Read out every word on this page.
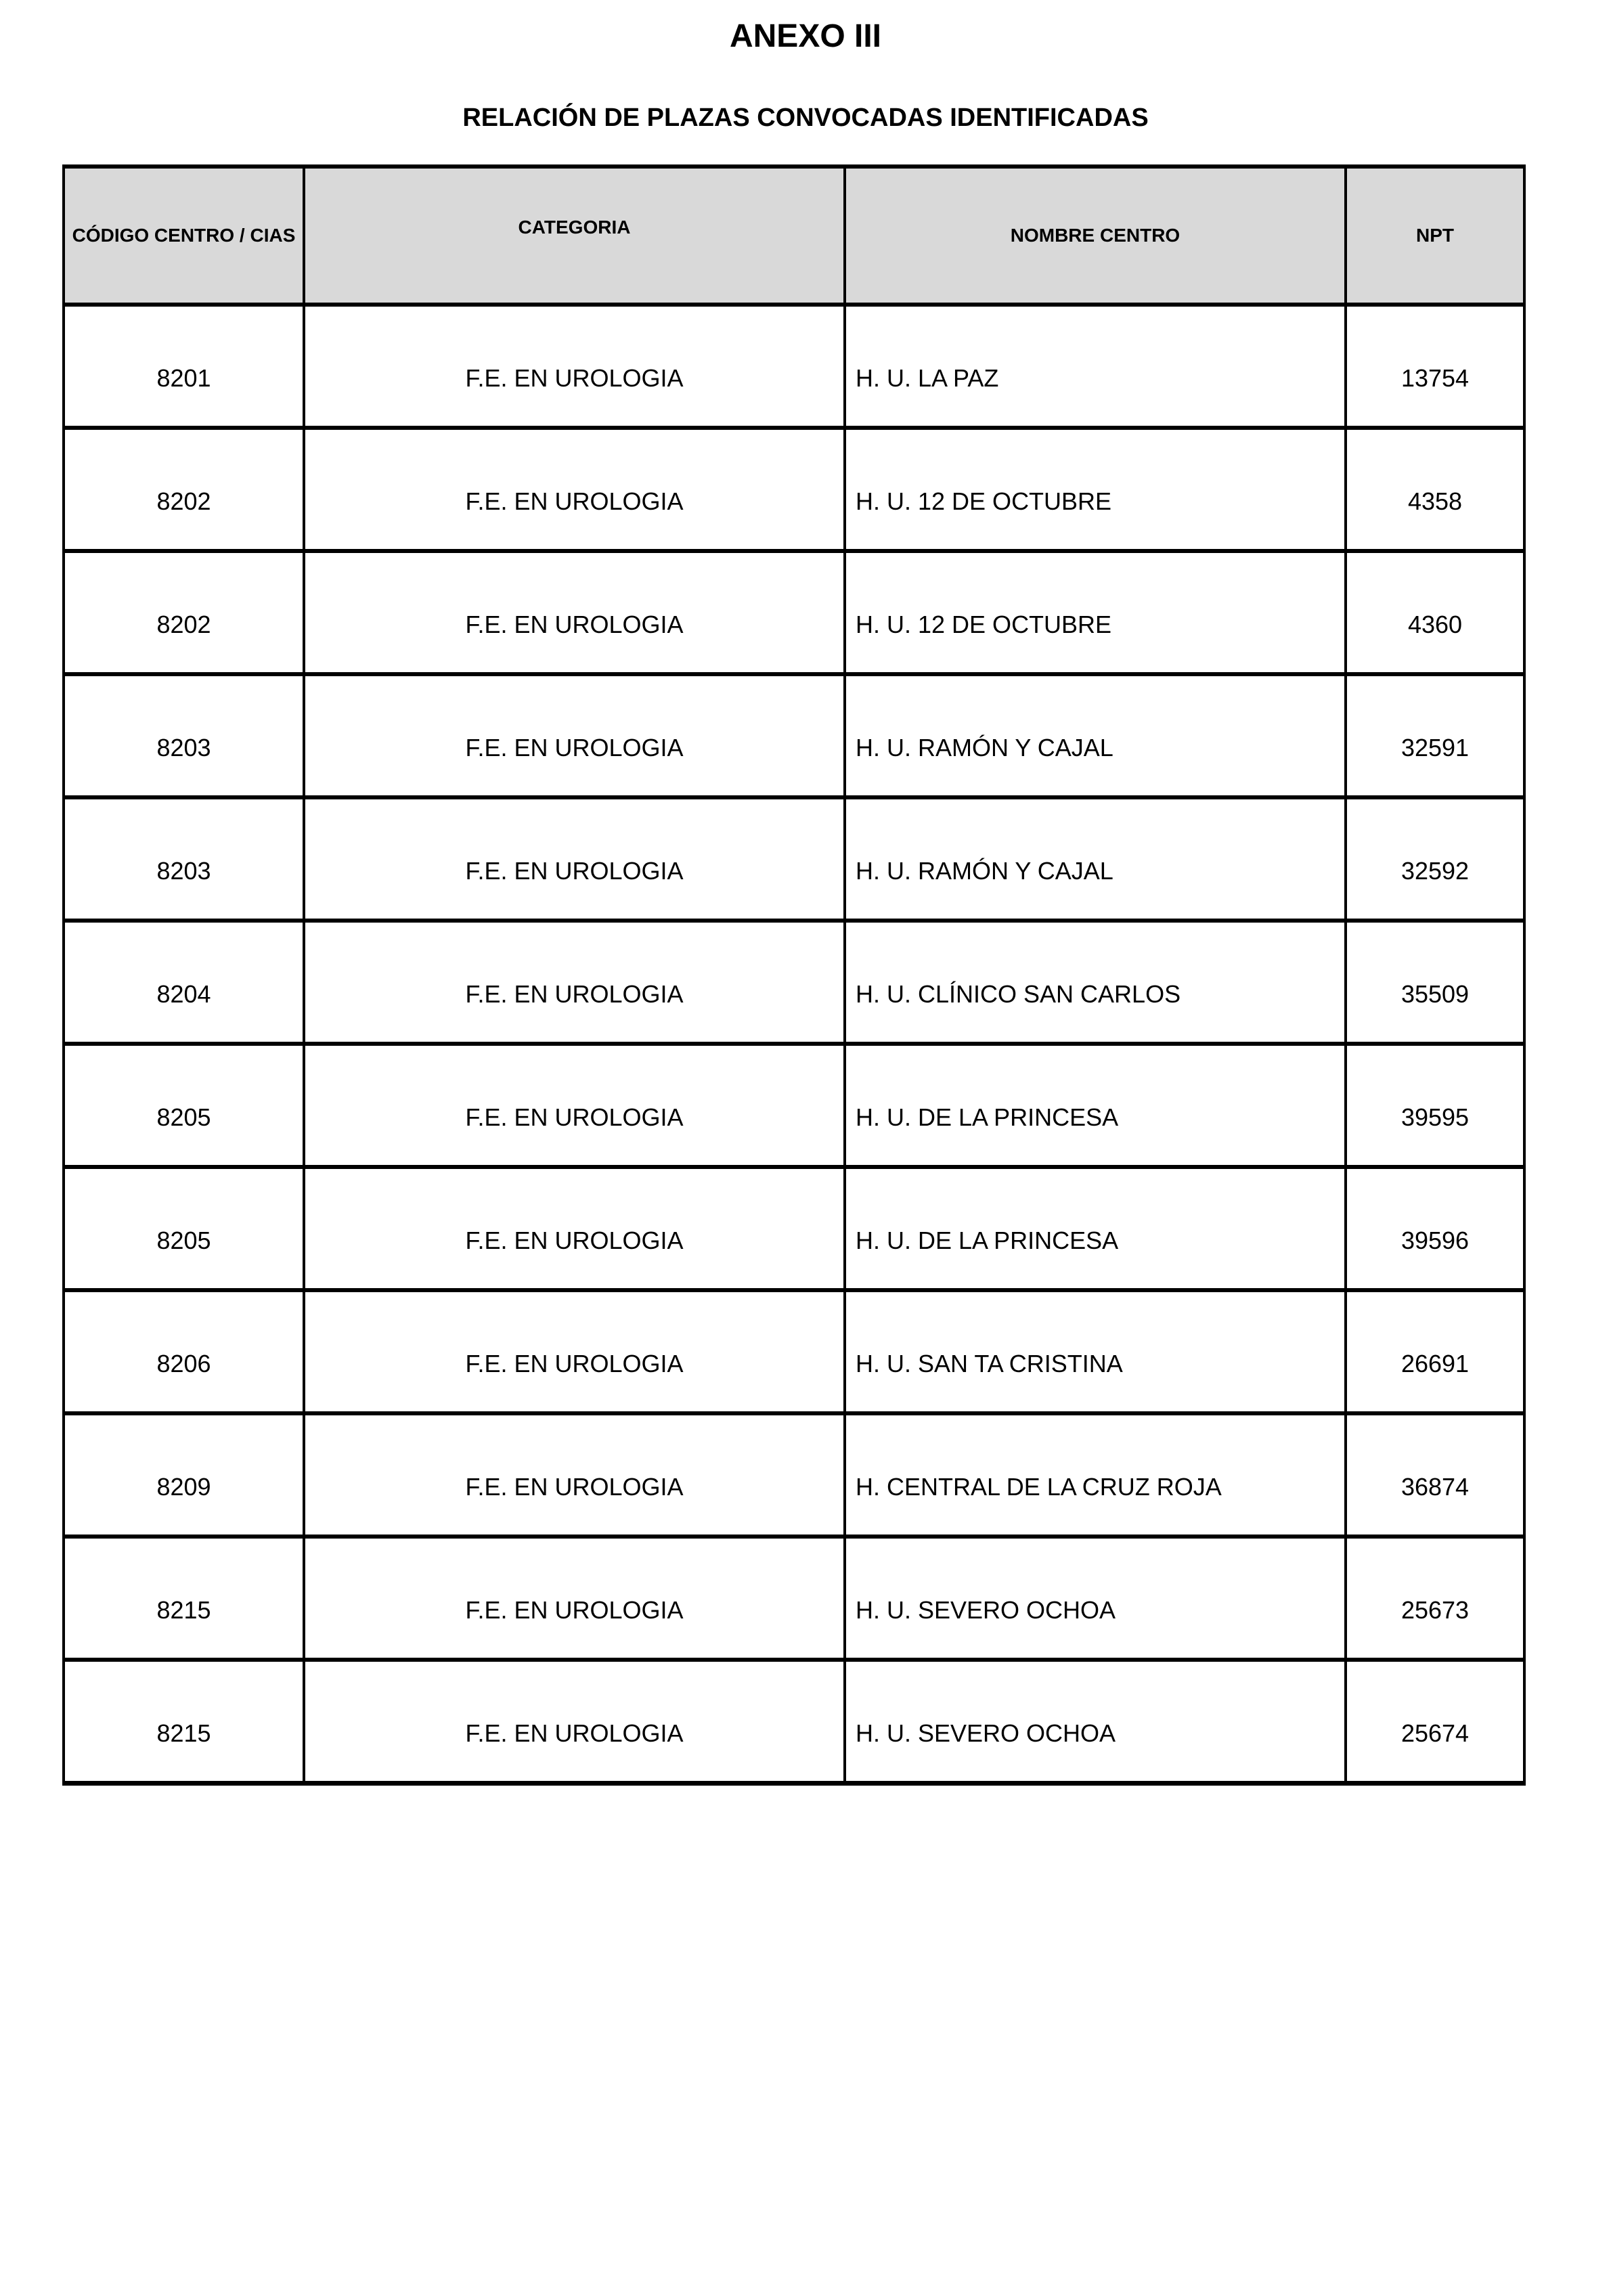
ANEXO III
RELACIÓN DE PLAZAS CONVOCADAS IDENTIFICADAS
CÓDIGO CENTRO / CIAS	CATEGORIA	NOMBRE CENTRO	NPT
8201	F.E. EN UROLOGIA	H. U. LA PAZ	13754
8202	F.E. EN UROLOGIA	H. U. 12 DE OCTUBRE	4358
8202	F.E. EN UROLOGIA	H. U. 12 DE OCTUBRE	4360
8203	F.E. EN UROLOGIA	H. U. RAMÓN Y CAJAL	32591
8203	F.E. EN UROLOGIA	H. U. RAMÓN Y CAJAL	32592
8204	F.E. EN UROLOGIA	H. U. CLÍNICO SAN CARLOS	35509
8205	F.E. EN UROLOGIA	H. U. DE LA PRINCESA	39595
8205	F.E. EN UROLOGIA	H. U. DE LA PRINCESA	39596
8206	F.E. EN UROLOGIA	H. U. SAN TA CRISTINA	26691
8209	F.E. EN UROLOGIA	H. CENTRAL DE LA CRUZ ROJA	36874
8215	F.E. EN UROLOGIA	H. U. SEVERO OCHOA	25673
8215	F.E. EN UROLOGIA	H. U. SEVERO OCHOA	25674
